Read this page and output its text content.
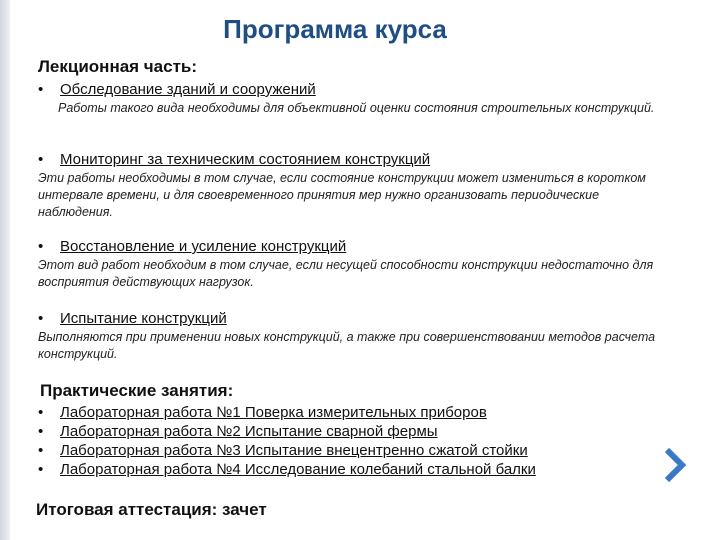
Программа курса
Лекционная часть:
• Обследование зданий и сооружений
Работы такого вида необходимы для объективной оценки состояния строительных конструкций.
• Мониторинг за техническим состоянием конструкций
Эти работы необходимы в том случае, если состояние конструкции может измениться в коротком интервале времени, и для своевременного принятия мер нужно организовать периодические наблюдения.
• Восстановление и усиление конструкций
Этот вид работ необходим в том случае, если несущей способности конструкции недостаточно для восприятия действующих нагрузок.
• Испытание конструкций
Выполняются при применении новых конструкций, а также при совершенствовании методов расчета конструкций.
Практические занятия:
• Лабораторная работа №1 Поверка измерительных приборов
• Лабораторная работа №2 Испытание сварной фермы
• Лабораторная работа №3 Испытание внецентренно сжатой стойки
• Лабораторная работа №4 Исследование колебаний стальной балки
Итоговая аттестация: зачет
